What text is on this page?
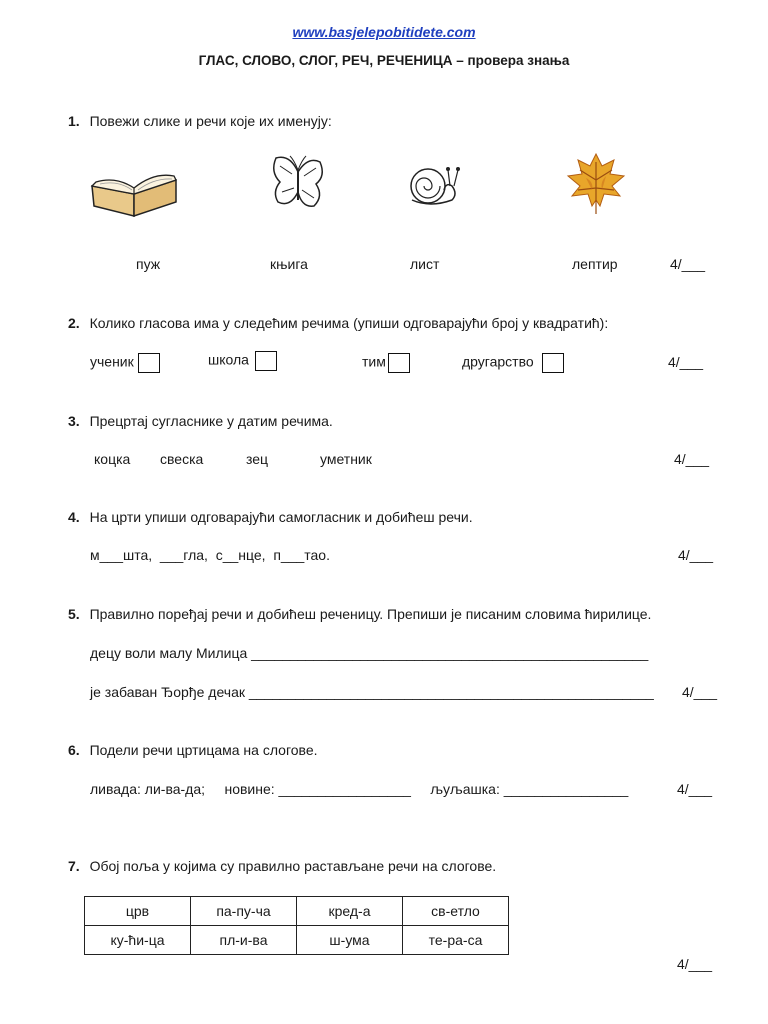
www.basjelepobitidete.com
ГЛАС, СЛОВО, СЛОГ, РЕЧ, РЕЧЕНИЦА – провера знања
1. Повежи слике и речи које их именују:
пуж	књига	лист	лептир	4/___
2. Колико гласова има у следећим речима (упиши одговарајући број у квадратић):
ученик	школа	тим	другарство	4/___
3. Прецртај сугласнике у датим речима.
коцка свеска	зец	уметник	4/___
4. На црти упиши одговарајући самогласник и добићеш речи.
м___шта,  ___гла,  с__нце,  п___тао.	4/___
5. Правилно поређај речи и добићеш реченицу. Препиши је писаним словима ћирилице.
децу воли малу Милица ___________________________________________________
је забаван Ђорђе дечак ____________________________________________________ 4/___
6. Подели речи цртицама на слогове.
ливада: ли-ва-да;     новине: _________________     љуљашка: ________________	4/___
7. Обој поља у којима су правилно растављане речи на слогове.
црв	па-пу-ча	кред-а	св-етло
ку-ћи-ца	пл-и-ва	ш-ума	те-ра-са
4/___
